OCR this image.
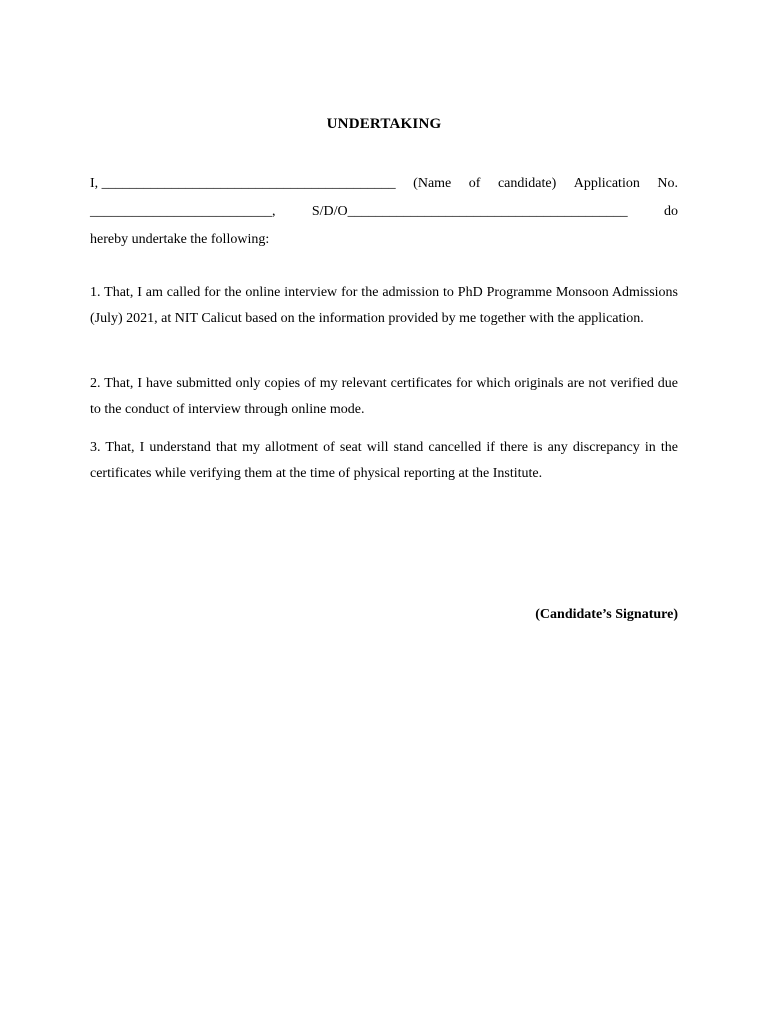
UNDERTAKING
I, __________________________________________ (Name of candidate) Application No.
__________________________,	S/D/O________________________________________	do
hereby undertake the following:
1. That, I am called for the online interview for the admission to PhD Programme Monsoon Admissions (July) 2021, at NIT Calicut based on the information provided by me together with the application.
2. That, I have submitted only copies of my relevant certificates for which originals are not verified due to the conduct of interview through online mode.
3. That, I understand that my allotment of seat will stand cancelled if there is any discrepancy in the certificates while verifying them at the time of physical reporting at the Institute.
(Candidate’s Signature)
